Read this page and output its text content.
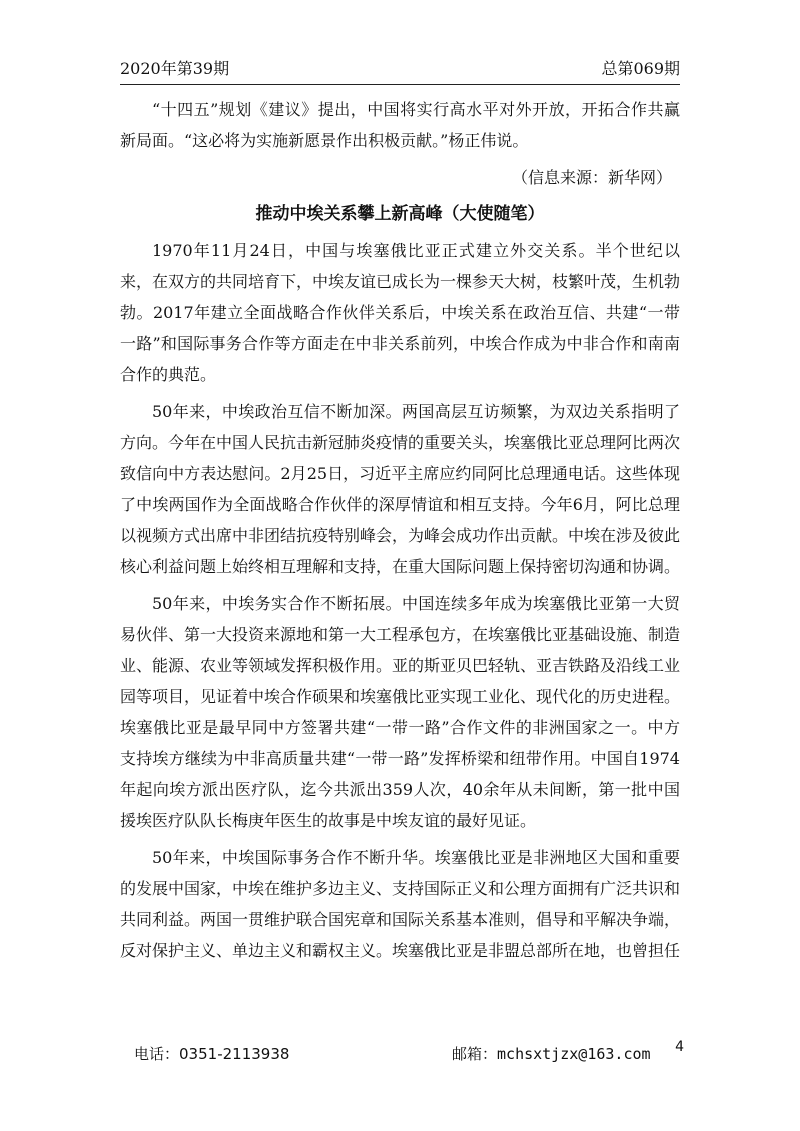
2020年第39期	总第069期

“十四五”规划《建议》提出，中国将实行高水平对外开放，开拓合作共赢新局面。“这必将为实施新愿景作出积极贡献。”杨正伟说。

（信息来源：新华网）

推动中埃关系攀上新高峰（大使随笔）

1970年11月24日，中国与埃塞俄比亚正式建立外交关系。半个世纪以来，在双方的共同培育下，中埃友谊已成长为一棵参天大树，枝繁叶茂，生机勃勃。2017年建立全面战略合作伙伴关系后，中埃关系在政治互信、共建“一带一路”和国际事务合作等方面走在中非关系前列，中埃合作成为中非合作和南南合作的典范。

50年来，中埃政治互信不断加深。两国高层互访频繁，为双边关系指明了方向。今年在中国人民抗击新冠肺炎疫情的重要关头，埃塞俄比亚总理阿比两次致信向中方表达慰问。2月25日，习近平主席应约同阿比总理通电话。这些体现了中埃两国作为全面战略合作伙伴的深厚情谊和相互支持。今年6月，阿比总理以视频方式出席中非团结抗疫特别峰会，为峰会成功作出贡献。中埃在涉及彼此核心利益问题上始终相互理解和支持，在重大国际问题上保持密切沟通和协调。

50年来，中埃务实合作不断拓展。中国连续多年成为埃塞俄比亚第一大贸易伙伴、第一大投资来源地和第一大工程承包方，在埃塞俄比亚基础设施、制造业、能源、农业等领域发挥积极作用。亚的斯亚贝巴轻轨、亚吉铁路及沿线工业园等项目，见证着中埃合作硕果和埃塞俄比亚实现工业化、现代化的历史进程。埃塞俄比亚是最早同中方签署共建“一带一路”合作文件的非洲国家之一。中方支持埃方继续为中非高质量共建“一带一路”发挥桥梁和纽带作用。中国自1974年起向埃方派出医疗队，迄今共派出359人次，40余年从未间断，第一批中国援埃医疗队队长梅庚年医生的故事是中埃友谊的最好见证。

50年来，中埃国际事务合作不断升华。埃塞俄比亚是非洲地区大国和重要的发展中国家，中埃在维护多边主义、支持国际正义和公理方面拥有广泛共识和共同利益。两国一贯维护联合国宪章和国际关系基本准则，倡导和平解决争端，反对保护主义、单边主义和霸权主义。埃塞俄比亚是非盟总部所在地，也曾担任

电话：0351-2113938	邮箱：mchsxtjzx@163.com 4
